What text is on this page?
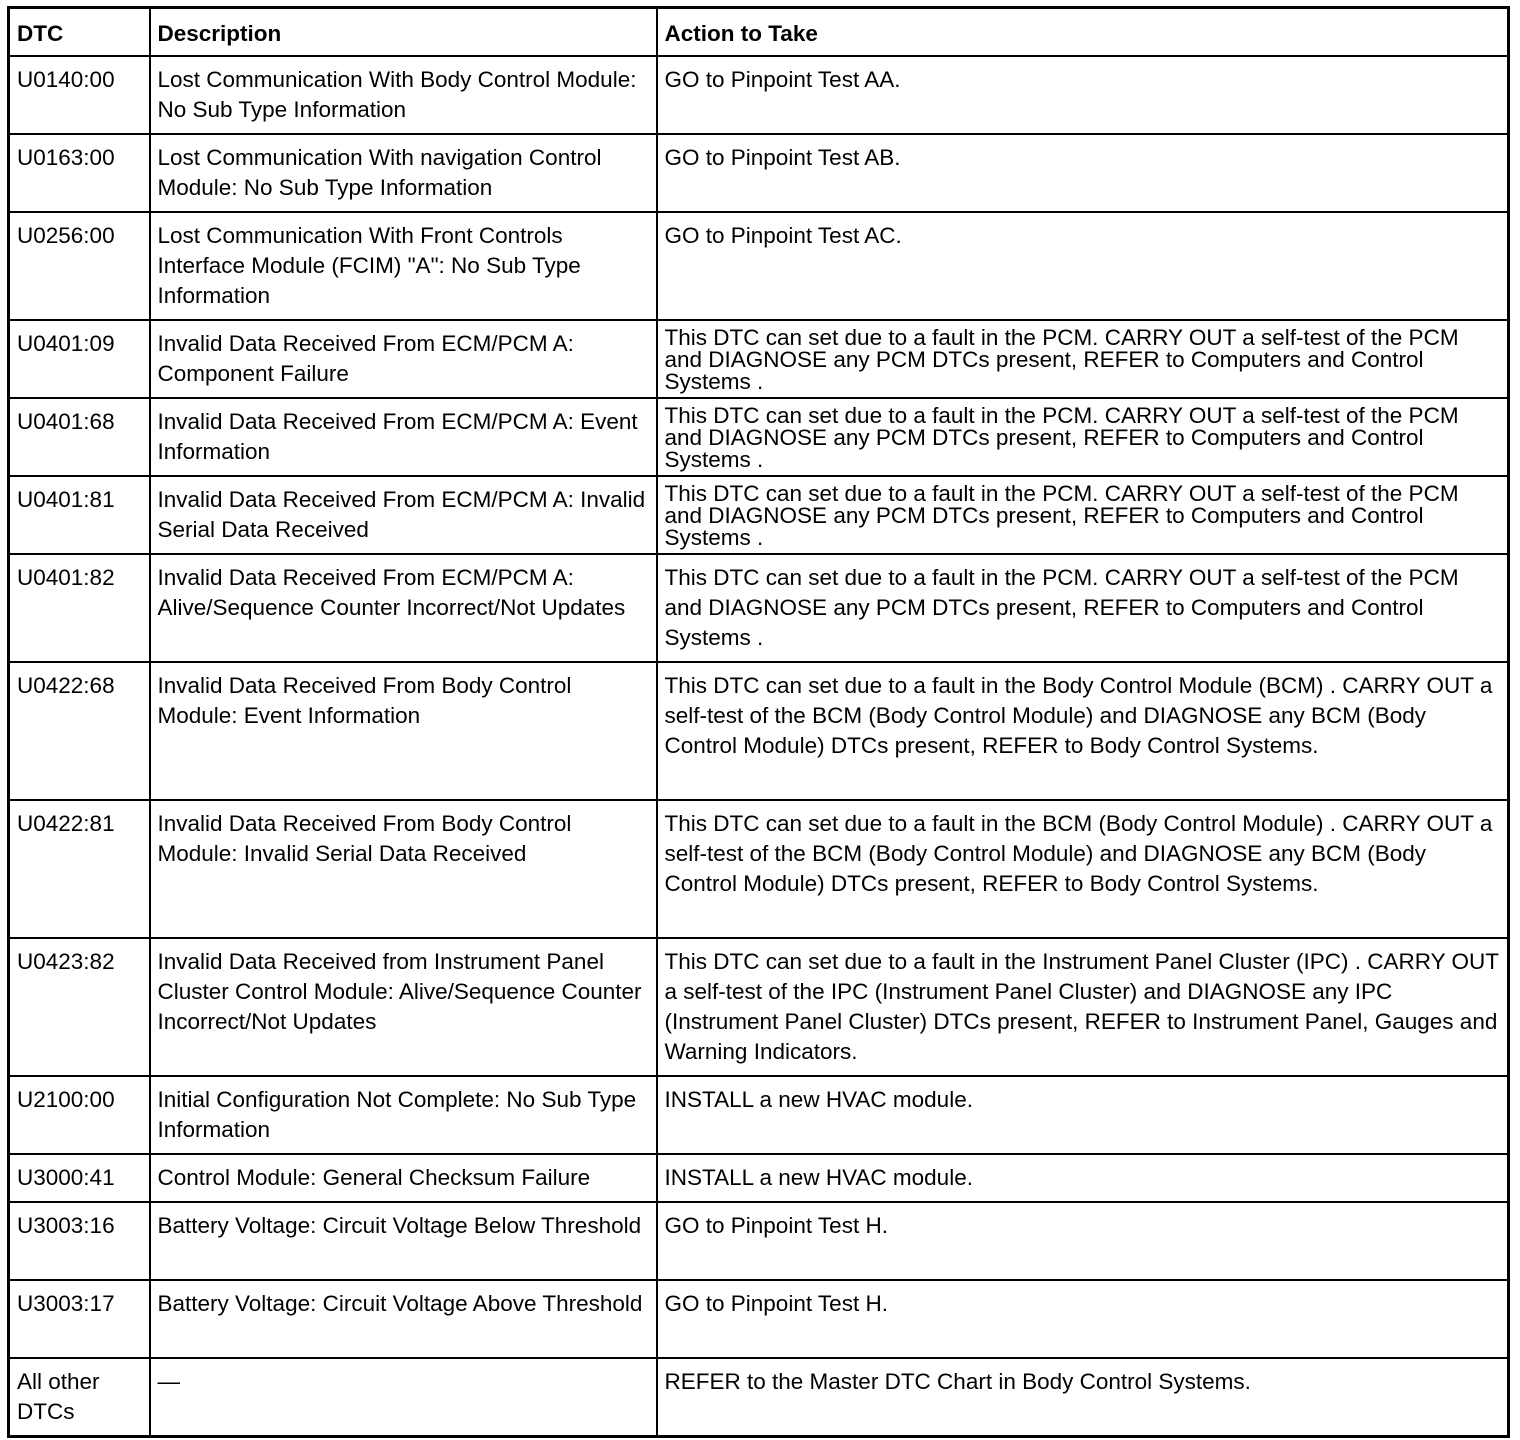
DTC	Description	Action to Take
U0140:00	Lost Communication With Body Control Module: No Sub Type Information	GO to Pinpoint Test AA.
U0163:00	Lost Communication With navigation Control Module: No Sub Type Information	GO to Pinpoint Test AB.
U0256:00	Lost Communication With Front Controls Interface Module (FCIM) "A": No Sub Type Information	GO to Pinpoint Test AC.
U0401:09	Invalid Data Received From ECM/PCM A: Component Failure	This DTC can set due to a fault in the PCM. CARRY OUT a self-test of the PCM and DIAGNOSE any PCM DTCs present, REFER to Computers and Control Systems .
U0401:68	Invalid Data Received From ECM/PCM A: Event Information	This DTC can set due to a fault in the PCM. CARRY OUT a self-test of the PCM and DIAGNOSE any PCM DTCs present, REFER to Computers and Control Systems .
U0401:81	Invalid Data Received From ECM/PCM A: Invalid Serial Data Received	This DTC can set due to a fault in the PCM. CARRY OUT a self-test of the PCM and DIAGNOSE any PCM DTCs present, REFER to Computers and Control Systems .
U0401:82	Invalid Data Received From ECM/PCM A: Alive/Sequence Counter Incorrect/Not Updates	This DTC can set due to a fault in the PCM. CARRY OUT a self-test of the PCM and DIAGNOSE any PCM DTCs present, REFER to Computers and Control Systems .
U0422:68	Invalid Data Received From Body Control Module: Event Information	This DTC can set due to a fault in the Body Control Module (BCM) . CARRY OUT a self-test of the BCM (Body Control Module) and DIAGNOSE any BCM (Body Control Module) DTCs present, REFER to Body Control Systems.
U0422:81	Invalid Data Received From Body Control Module: Invalid Serial Data Received	This DTC can set due to a fault in the BCM (Body Control Module) . CARRY OUT a self-test of the BCM (Body Control Module) and DIAGNOSE any BCM (Body Control Module) DTCs present, REFER to Body Control Systems.
U0423:82	Invalid Data Received from Instrument Panel Cluster Control Module: Alive/Sequence Counter Incorrect/Not Updates	This DTC can set due to a fault in the Instrument Panel Cluster (IPC) . CARRY OUT a self-test of the IPC (Instrument Panel Cluster) and DIAGNOSE any IPC (Instrument Panel Cluster) DTCs present, REFER to Instrument Panel, Gauges and Warning Indicators.
U2100:00	Initial Configuration Not Complete: No Sub Type Information	INSTALL a new HVAC module.
U3000:41	Control Module: General Checksum Failure	INSTALL a new HVAC module.
U3003:16	Battery Voltage: Circuit Voltage Below Threshold	GO to Pinpoint Test H.
U3003:17	Battery Voltage: Circuit Voltage Above Threshold	GO to Pinpoint Test H.
All other DTCs	—	REFER to the Master DTC Chart in Body Control Systems.
